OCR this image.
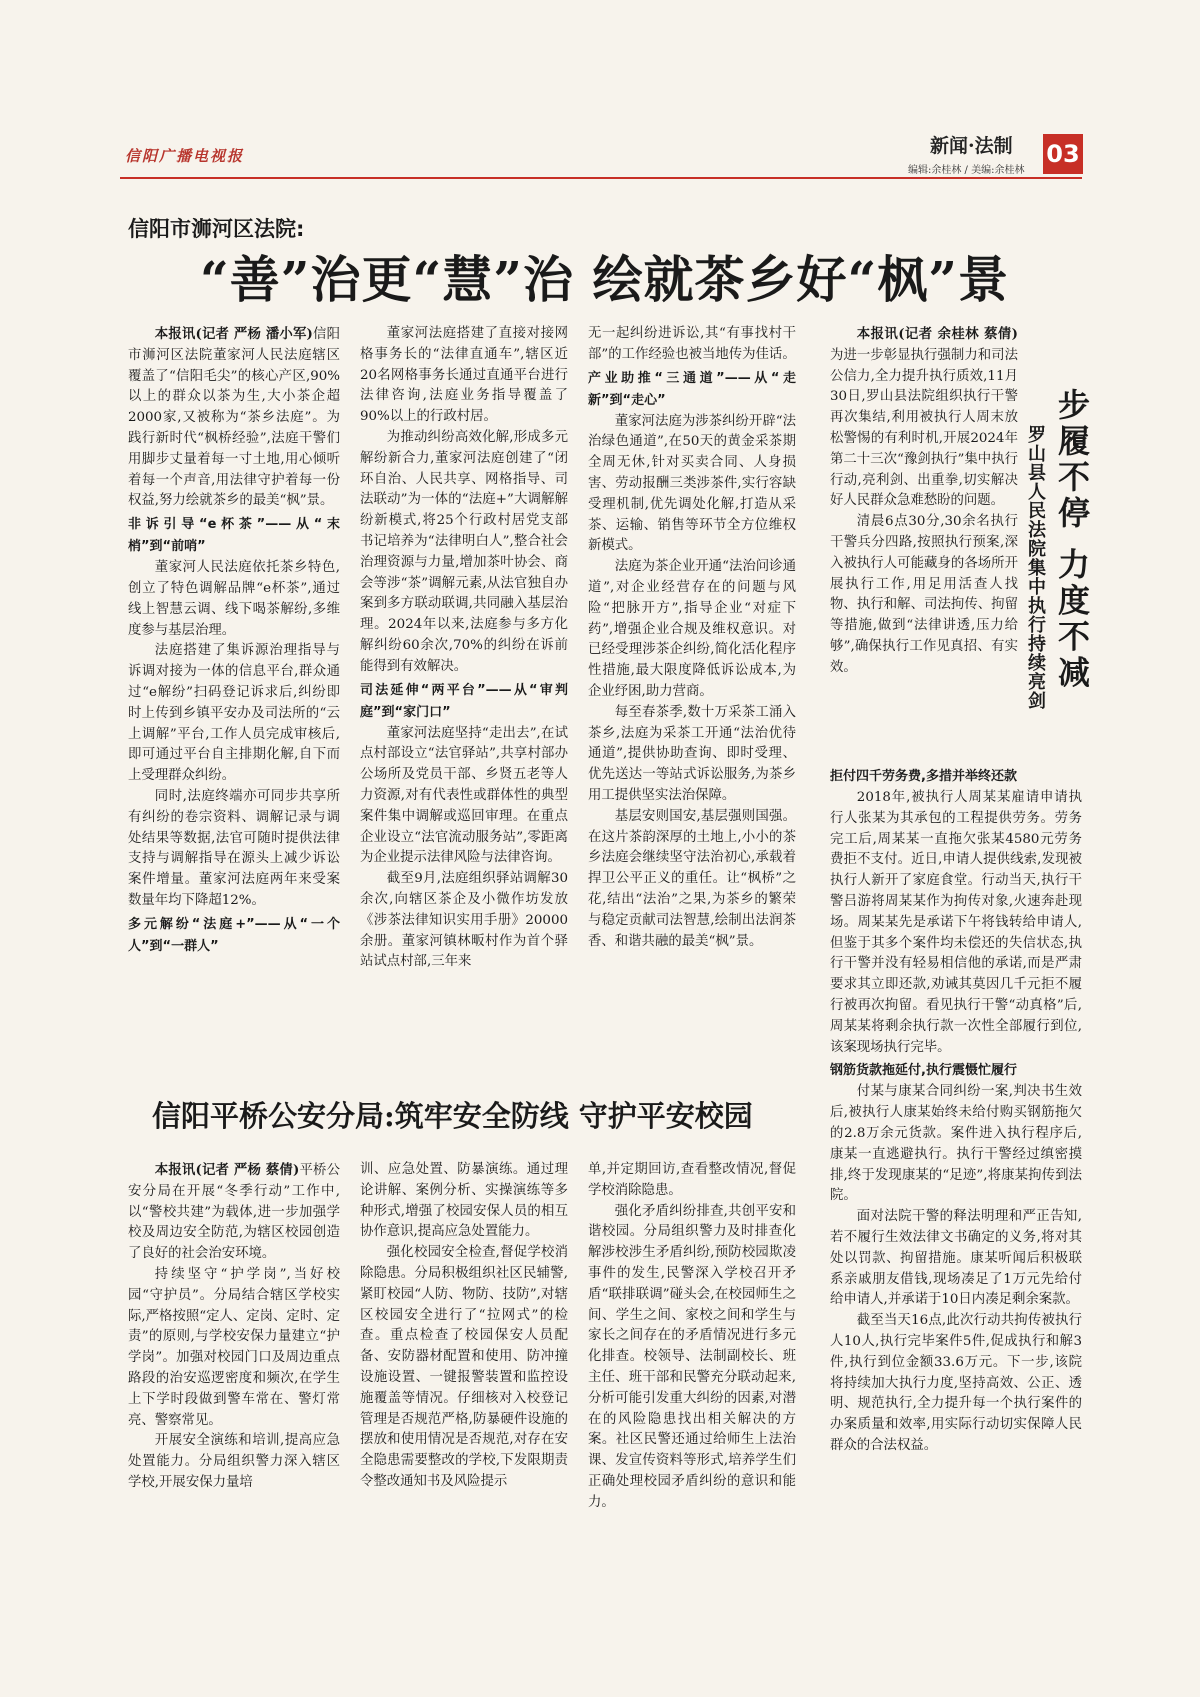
信阳广播电视报	新闻·法制
编辑:余桂林 / 美编:余桂林
03
信阳市浉河区法院:
“善”治更“慧”治 绘就茶乡好“枫”景

本报讯(记者 严杨 潘小军)信阳市浉河区法院董家河人民法庭辖区覆盖了“信阳毛尖”的核心产区,90%以上的群众以茶为生,大小茶企超2000家,又被称为“茶乡法庭”。为践行新时代“枫桥经验”,法庭干警们用脚步丈量着每一寸土地,用心倾听着每一个声音,用法律守护着每一份权益,努力绘就茶乡的最美“枫”景。

非诉引导“e杯茶”——从“末梢”到“前哨”

董家河人民法庭依托茶乡特色,创立了特色调解品牌“e杯茶”,通过线上智慧云调、线下喝茶解纷,多维度参与基层治理。

法庭搭建了集诉源治理指导与诉调对接为一体的信息平台,群众通过“e解纷”扫码登记诉求后,纠纷即时上传到乡镇平安办及司法所的“云上调解”平台,工作人员完成审核后,即可通过平台自主排期化解,自下而上受理群众纠纷。

同时,法庭终端亦可同步共享所有纠纷的卷宗资料、调解记录与调处结果等数据,法官可随时提供法律支持与调解指导在源头上减少诉讼案件增量。董家河法庭两年来受案数量年均下降超12%。

多元解纷“法庭+”——从“一个人”到“一群人”

董家河法庭搭建了直接对接网格事务长的“法律直通车”,辖区近20名网格事务长通过直通平台进行法律咨询,法庭业务指导覆盖了90%以上的行政村居。

为推动纠纷高效化解,形成多元解纷新合力,董家河法庭创建了“闭环自治、人民共享、网格指导、司法联动”为一体的“法庭+”大调解解纷新模式,将25个行政村居党支部书记培养为“法律明白人”,整合社会治理资源与力量,增加茶叶协会、商会等涉“茶”调解元素,从法官独自办案到多方联动联调,共同融入基层治理。2024年以来,法庭参与多方化解纠纷60余次,70%的纠纷在诉前能得到有效解决。

司法延伸“两平台”——从“审判庭”到“家门口”

董家河法庭坚持“走出去”,在试点村部设立“法官驿站”,共享村部办公场所及党员干部、乡贤五老等人力资源,对有代表性或群体性的典型案件集中调解或巡回审理。在重点企业设立“法官流动服务站”,零距离为企业提示法律风险与法律咨询。

截至9月,法庭组织驿站调解30余次,向辖区茶企及小微作坊发放《涉茶法律知识实用手册》20000余册。董家河镇林畈村作为首个驿站试点村部,三年来

无一起纠纷进诉讼,其“有事找村干部”的工作经验也被当地传为佳话。

产业助推“三通道”——从“走新”到“走心”

董家河法庭为涉茶纠纷开辟“法治绿色通道”,在50天的黄金采茶期全周无休,针对买卖合同、人身损害、劳动报酬三类涉茶件,实行容缺受理机制,优先调处化解,打造从采茶、运输、销售等环节全方位维权新模式。

法庭为茶企业开通“法治问诊通道”,对企业经营存在的问题与风险“把脉开方”,指导企业“对症下药”,增强企业合规及维权意识。对已经受理涉茶企纠纷,简化活化程序性措施,最大限度降低诉讼成本,为企业纾困,助力营商。

每至春茶季,数十万采茶工涌入茶乡,法庭为采茶工开通“法治优待通道”,提供协助查询、即时受理、优先送达一等站式诉讼服务,为茶乡用工提供坚实法治保障。

基层安则国安,基层强则国强。在这片茶韵深厚的土地上,小小的茶乡法庭会继续坚守法治初心,承载着捍卫公平正义的重任。让“枫桥”之花,结出“法治”之果,为茶乡的繁荣与稳定贡献司法智慧,绘制出法润茶香、和谐共融的最美“枫”景。

步履不停 力度不减
罗山县人民法院集中执行持续亮剑

本报讯(记者 余桂林 蔡倩)为进一步彰显执行强制力和司法公信力,全力提升执行质效,11月30日,罗山县法院组织执行干警再次集结,利用被执行人周末放松警惕的有利时机,开展2024年第二十三次“豫剑执行”集中执行行动,亮利剑、出重拳,切实解决好人民群众急难愁盼的问题。

清晨6点30分,30余名执行干警兵分四路,按照执行预案,深入被执行人可能藏身的各场所开展执行工作,用足用活查人找物、执行和解、司法拘传、拘留等措施,做到“法律讲透,压力给够”,确保执行工作见真招、有实效。

拒付四千劳务费,多措并举终还款

2018年,被执行人周某某雇请申请执行人张某为其承包的工程提供劳务。劳务完工后,周某某一直拖欠张某4580元劳务费拒不支付。近日,申请人提供线索,发现被执行人新开了家庭食堂。行动当天,执行干警吕游将周某某作为拘传对象,火速奔赴现场。周某某先是承诺下午将钱转给申请人,但鉴于其多个案件均未偿还的失信状态,执行干警并没有轻易相信他的承诺,而是严肃要求其立即还款,劝诫其莫因几千元拒不履行被再次拘留。看见执行干警“动真格”后,周某某将剩余执行款一次性全部履行到位,该案现场执行完毕。

钢筋货款拖延付,执行震慑忙履行

付某与康某合同纠纷一案,判决书生效后,被执行人康某始终未给付购买钢筋拖欠的2.8万余元货款。案件进入执行程序后,康某一直逃避执行。执行干警经过缜密摸排,终于发现康某的“足迹”,将康某拘传到法院。

面对法院干警的释法明理和严正告知,若不履行生效法律文书确定的义务,将对其处以罚款、拘留措施。康某听闻后积极联系亲戚朋友借钱,现场凑足了1万元先给付给申请人,并承诺于10日内凑足剩余案款。

截至当天16点,此次行动共拘传被执行人10人,执行完毕案件5件,促成执行和解3件,执行到位金额33.6万元。下一步,该院将持续加大执行力度,坚持高效、公正、透明、规范执行,全力提升每一个执行案件的办案质量和效率,用实际行动切实保障人民群众的合法权益。

信阳平桥公安分局:筑牢安全防线 守护平安校园

本报讯(记者 严杨 蔡倩)平桥公安分局在开展“冬季行动”工作中,以“警校共建”为载体,进一步加强学校及周边安全防范,为辖区校园创造了良好的社会治安环境。

持续坚守“护学岗”,当好校园“守护员”。分局结合辖区学校实际,严格按照“定人、定岗、定时、定责”的原则,与学校安保力量建立“护学岗”。加强对校园门口及周边重点路段的治安巡逻密度和频次,在学生上下学时段做到警车常在、警灯常亮、警察常见。

开展安全演练和培训,提高应急处置能力。分局组织警力深入辖区学校,开展安保力量培

训、应急处置、防暴演练。通过理论讲解、案例分析、实操演练等多种形式,增强了校园安保人员的相互协作意识,提高应急处置能力。

强化校园安全检查,督促学校消除隐患。分局积极组织社区民辅警,紧盯校园“人防、物防、技防”,对辖区校园安全进行了“拉网式”的检查。重点检查了校园保安人员配备、安防器材配置和使用、防冲撞设施设置、一键报警装置和监控设施覆盖等情况。仔细核对入校登记管理是否规范严格,防暴硬件设施的摆放和使用情况是否规范,对存在安全隐患需要整改的学校,下发限期责令整改通知书及风险提示

单,并定期回访,查看整改情况,督促学校消除隐患。

强化矛盾纠纷排查,共创平安和谐校园。分局组织警力及时排查化解涉校涉生矛盾纠纷,预防校园欺凌事件的发生,民警深入学校召开矛盾“联排联调”碰头会,在校园师生之间、学生之间、家校之间和学生与家长之间存在的矛盾情况进行多元化排查。校领导、法制副校长、班主任、班干部和民警充分联动起来,分析可能引发重大纠纷的因素,对潜在的风险隐患找出相关解决的方案。社区民警还通过给师生上法治课、发宣传资料等形式,培养学生们正确处理校园矛盾纠纷的意识和能力。
